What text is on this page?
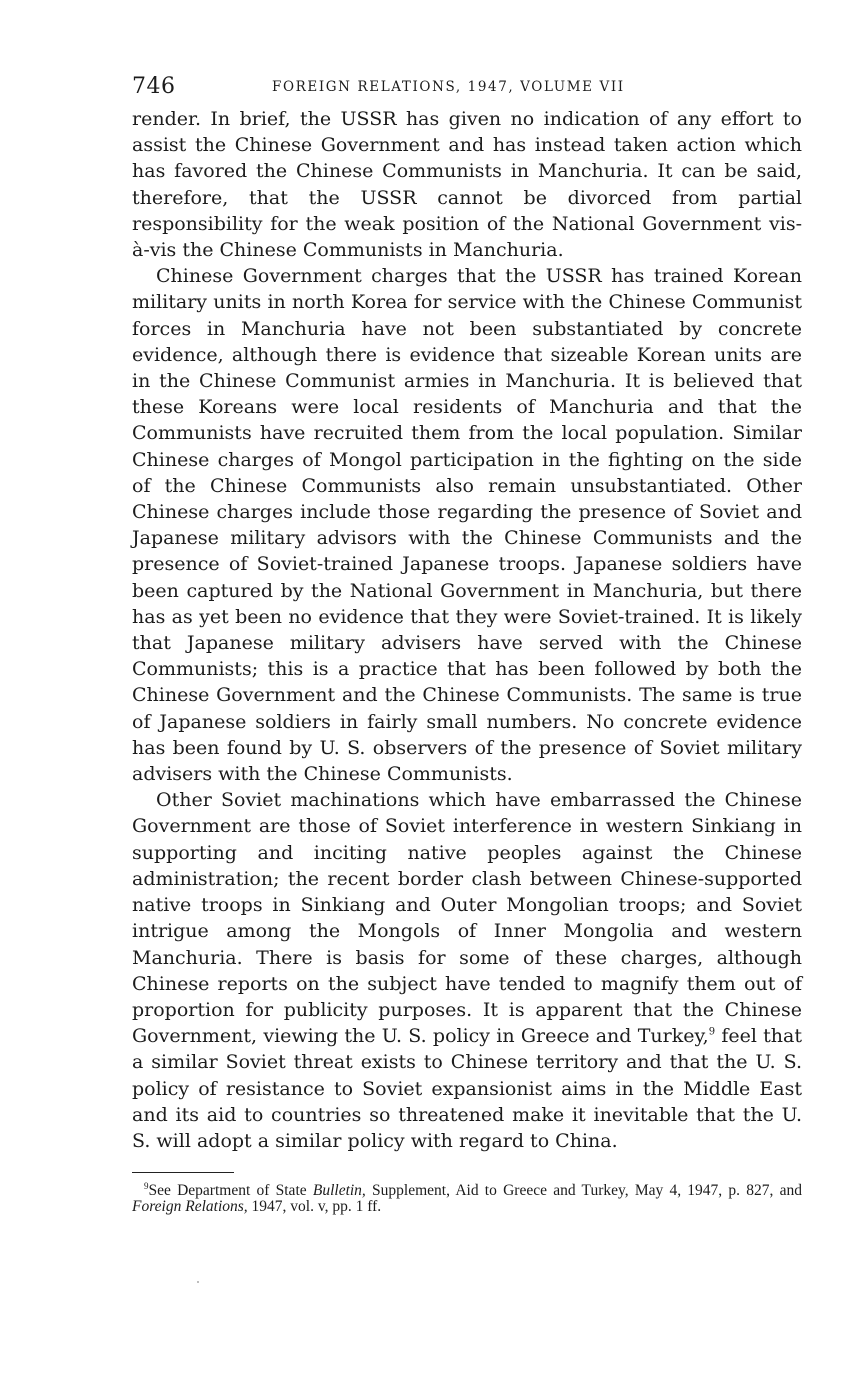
746	FOREIGN RELATIONS, 1947, VOLUME VII

render. In brief, the USSR has given no indication of any effort to assist the Chinese Government and has instead taken action which has favored the Chinese Communists in Manchuria. It can be said, therefore, that the USSR cannot be divorced from partial responsibility for the weak position of the National Government vis-à-vis the Chinese Communists in Manchuria.

Chinese Government charges that the USSR has trained Korean military units in north Korea for service with the Chinese Communist forces in Manchuria have not been substantiated by concrete evidence, although there is evidence that sizeable Korean units are in the Chinese Communist armies in Manchuria. It is believed that these Koreans were local residents of Manchuria and that the Communists have recruited them from the local population. Similar Chinese charges of Mongol participation in the fighting on the side of the Chinese Communists also remain unsubstantiated. Other Chinese charges include those regarding the presence of Soviet and Japanese military advisors with the Chinese Communists and the presence of Soviet-trained Japanese troops. Japanese soldiers have been captured by the National Government in Manchuria, but there has as yet been no evidence that they were Soviet-trained. It is likely that Japanese military advisers have served with the Chinese Communists; this is a practice that has been followed by both the Chinese Government and the Chinese Communists. The same is true of Japanese soldiers in fairly small numbers. No concrete evidence has been found by U. S. observers of the presence of Soviet military advisers with the Chinese Communists.

Other Soviet machinations which have embarrassed the Chinese Government are those of Soviet interference in western Sinkiang in supporting and inciting native peoples against the Chinese administration; the recent border clash between Chinese-supported native troops in Sinkiang and Outer Mongolian troops; and Soviet intrigue among the Mongols of Inner Mongolia and western Manchuria. There is basis for some of these charges, although Chinese reports on the subject have tended to magnify them out of proportion for publicity purposes. It is apparent that the Chinese Government, viewing the U. S. policy in Greece and Turkey,$^9$ feel that a similar Soviet threat exists to Chinese territory and that the U. S. policy of resistance to Soviet expansionist aims in the Middle East and its aid to countries so threatened make it inevitable that the U. S. will adopt a similar policy with regard to China.

$^9$See Department of State Bulletin, Supplement, Aid to Greece and Turkey, May 4, 1947, p. 827, and Foreign Relations, 1947, vol. v, pp. 1 ff.
